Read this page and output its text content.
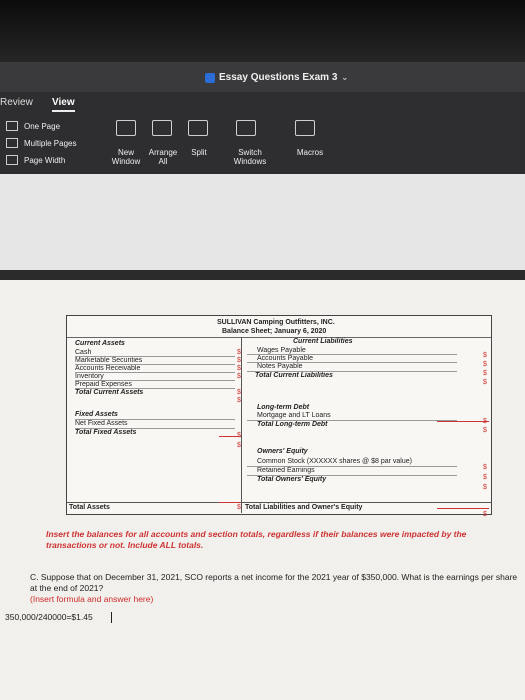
Essay Questions Exam 3 ⌄
Review View
One Page
Multiple Pages
Page Width
New
Window
Arrange
All
Split	Switch
Windows
Macros
SULLIVAN Camping Outfitters, INC.
Balance Sheet; January 6, 2020
Current Assets
Cash
Marketable Securities
Accounts Receivable
Inventory
Prepaid Expenses
Total Current Assets
Fixed Assets
Net Fixed Assets
Total Fixed Assets
Total Assets
$
$
$
$
$
$
$
$
$
Current Liabilities
Wages Payable
Accounts Payable
Notes Payable
Total Current Liabilities
Long-term Debt
Mortgage and LT Loans
Total Long-term Debt
Owners' Equity
Common Stock (XXXXXX shares @ $8 par value)
Retained Earnings
Total Owners' Equity
Total Liabilities and Owner's Equity
$
$
$
$
$
$
$
$
$
$
Insert the balances for all accounts and section totals, regardless if their balances were impacted by the transactions or not. Include ALL totals.
C. Suppose that on December 31, 2021, SCO reports a net income for the 2021 year of $350,000. What is the earnings per share at the end of 2021?
(Insert formula and answer here)
350,000/240000=$1.45
